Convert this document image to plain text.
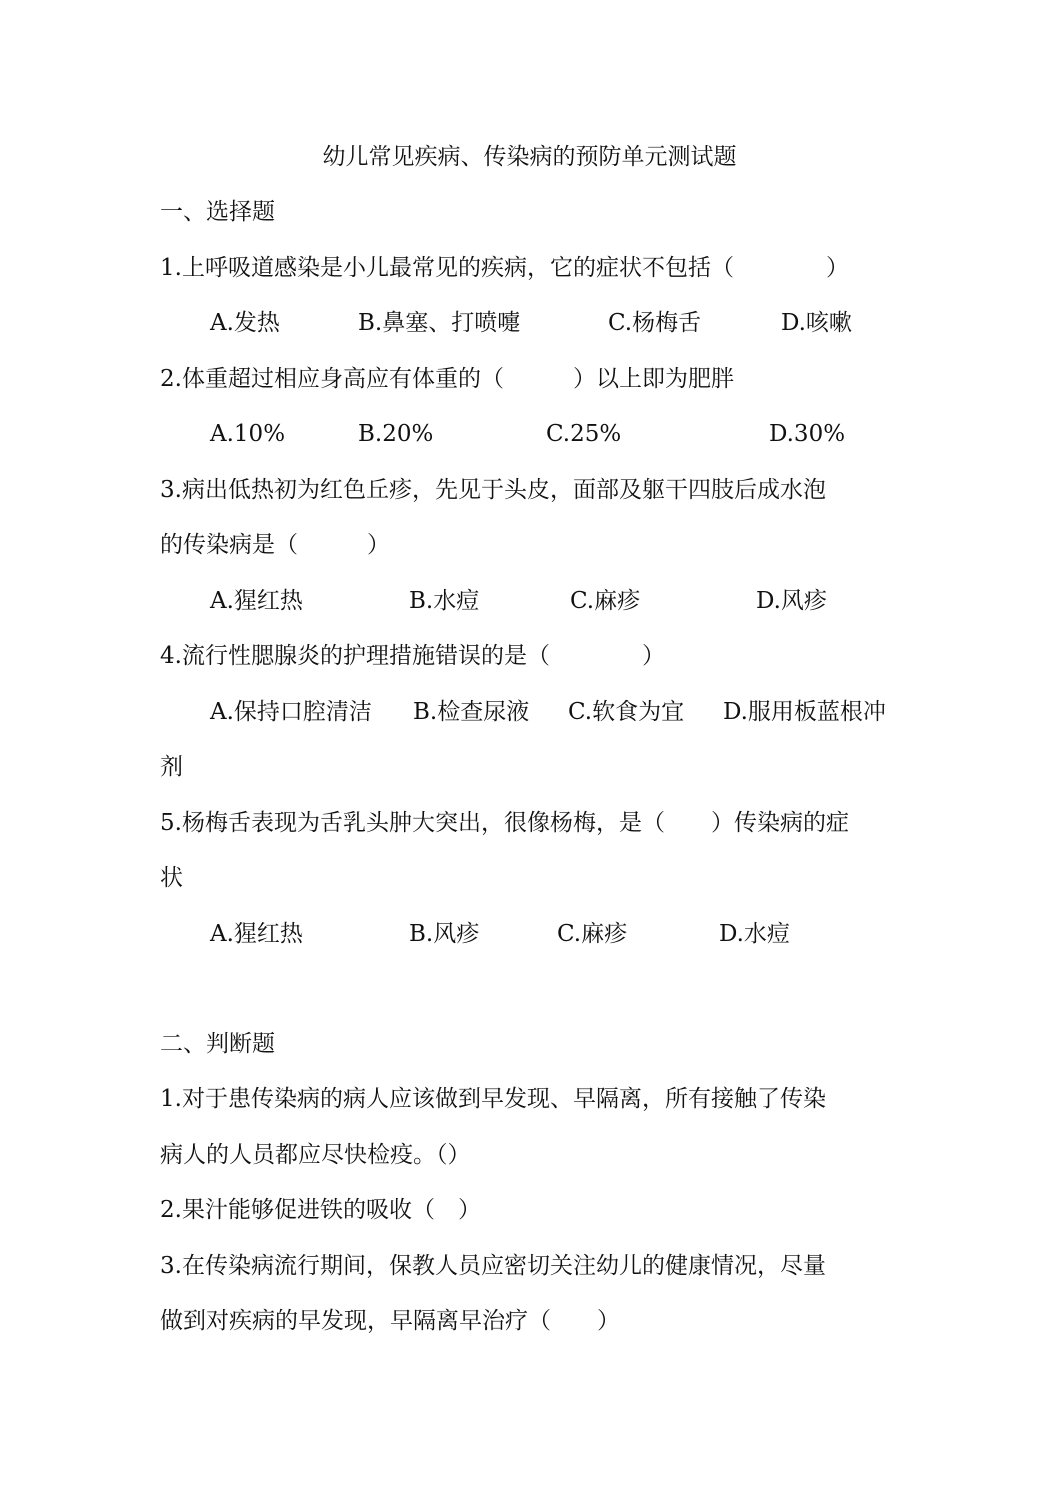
幼儿常见疾病、传染病的预防单元测试题
一、选择题
1.上呼吸道感染是小儿最常见的疾病，它的症状不包括（　　　　）
A.发热	B.鼻塞、打喷嚏	C.杨梅舌	D.咳嗽
2.体重超过相应身高应有体重的（　　　）以上即为肥胖
A.10%	B.20%	C.25%	D.30%
3.病出低热初为红色丘疹，先见于头皮，面部及躯干四肢后成水泡
的传染病是（　　　）
A.猩红热	B.水痘	C.麻疹	D.风疹
4.流行性腮腺炎的护理措施错误的是（　　　　）
A.保持口腔清洁 B.检查尿液 C.软食为宜 D.服用板蓝根冲
剂
5.杨梅舌表现为舌乳头肿大突出，很像杨梅，是（　　）传染病的症
状
A.猩红热	B.风疹	C.麻疹	D.水痘
二、判断题
1.对于患传染病的病人应该做到早发现、早隔离，所有接触了传染
病人的人员都应尽快检疫。（）
2.果汁能够促进铁的吸收（　）
3.在传染病流行期间，保教人员应密切关注幼儿的健康情况，尽量
做到对疾病的早发现，早隔离早治疗（　　）
